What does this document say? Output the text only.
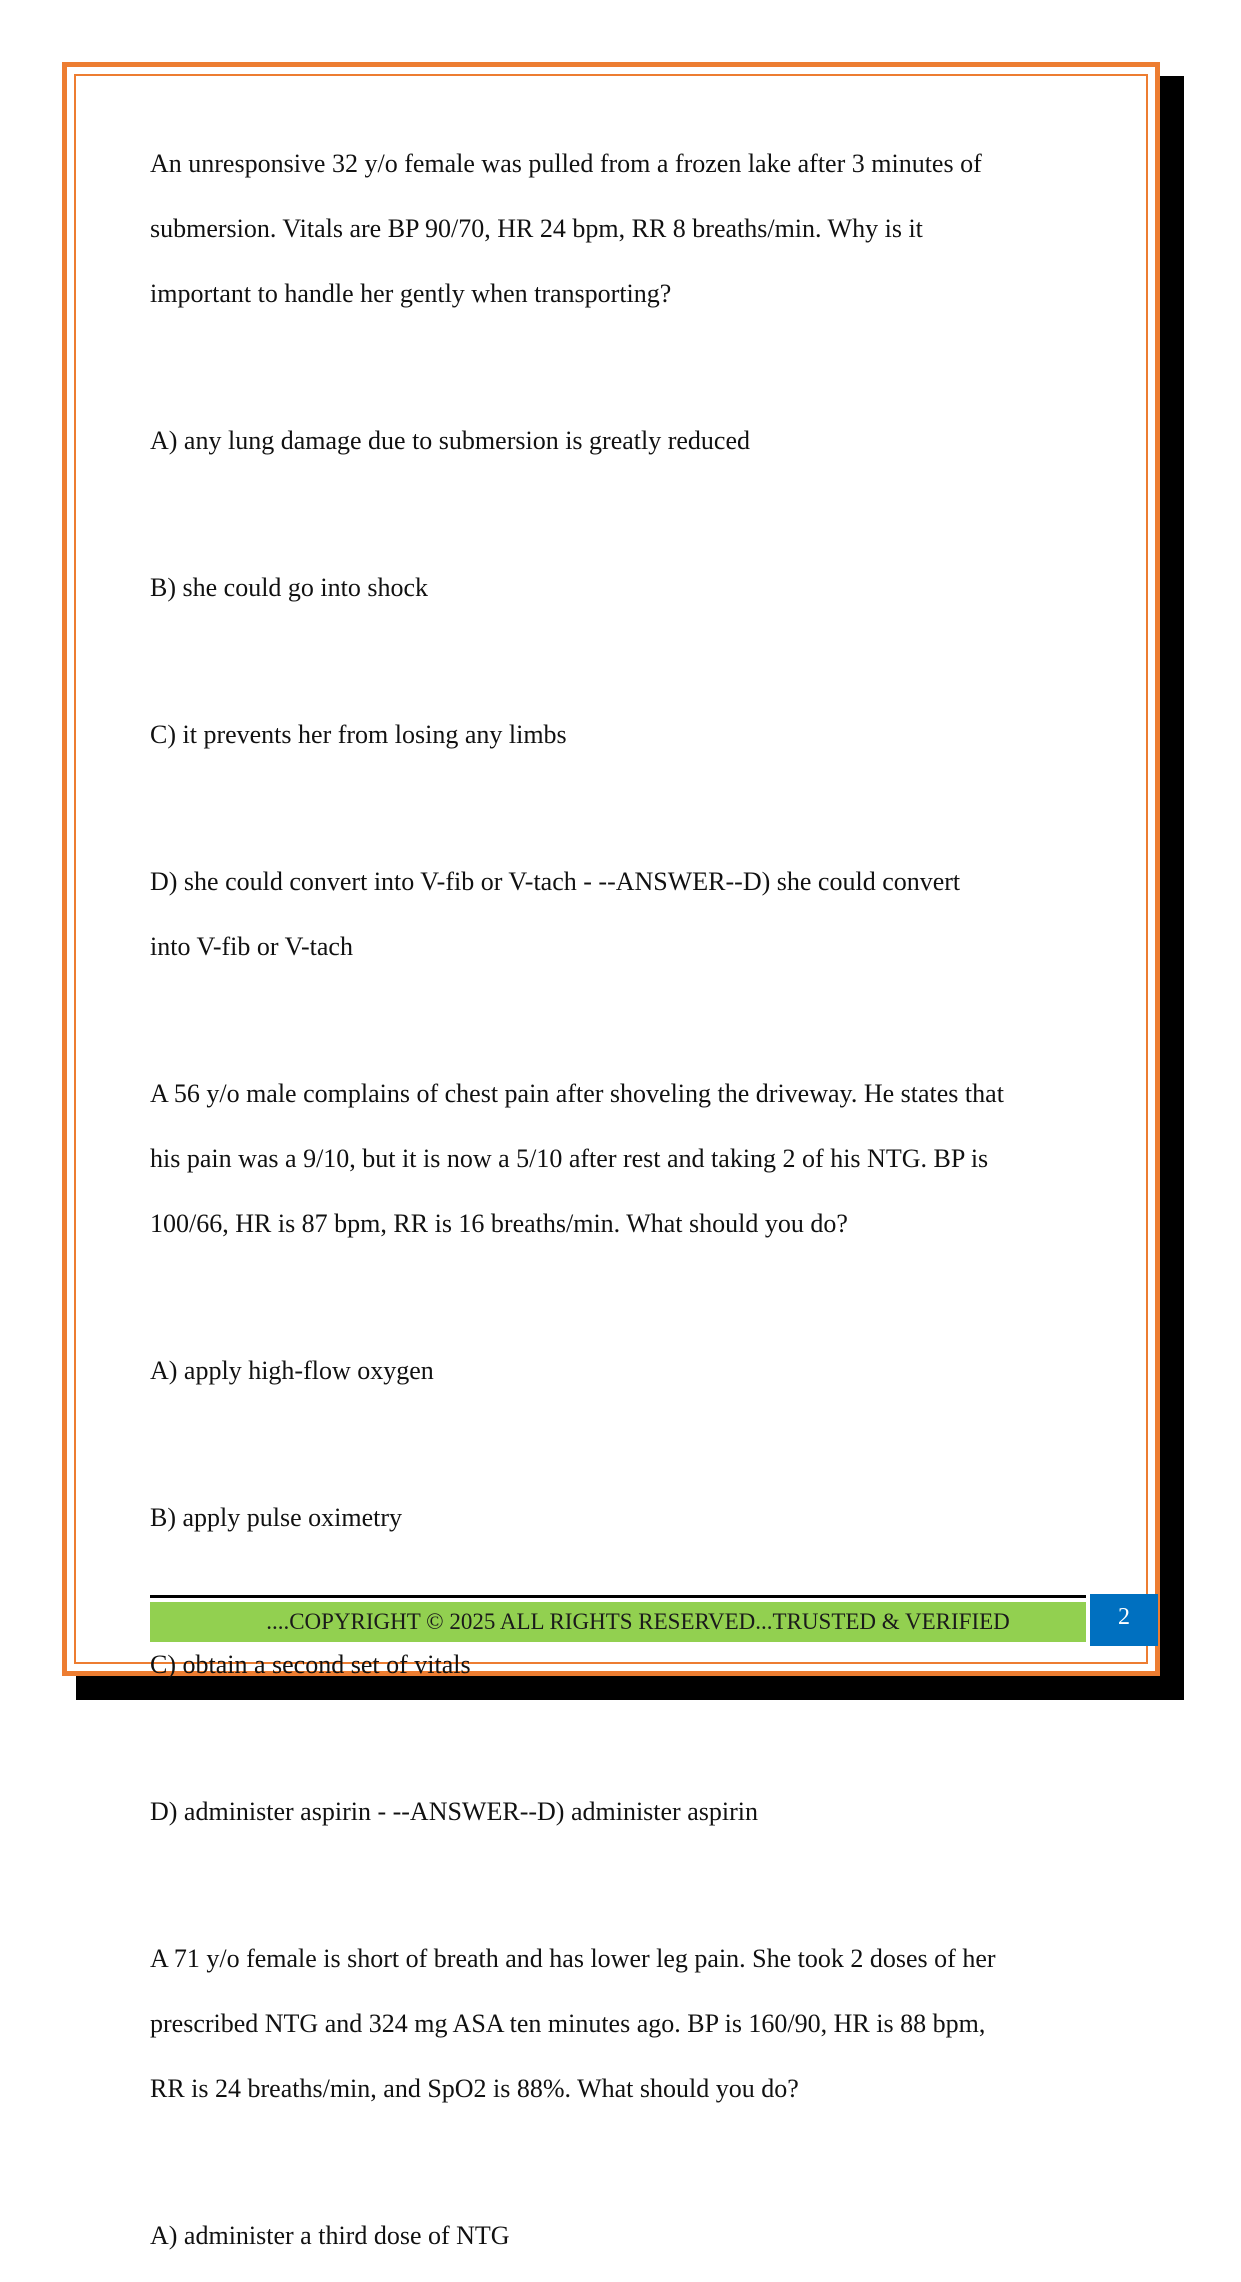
An unresponsive 32 y/o female was pulled from a frozen lake after 3 minutes of
submersion. Vitals are BP 90/70, HR 24 bpm, RR 8 breaths/min. Why is it
important to handle her gently when transporting?
A) any lung damage due to submersion is greatly reduced
B) she could go into shock
C) it prevents her from losing any limbs
D) she could convert into V-fib or V-tach - --ANSWER--D) she could convert
into V-fib or V-tach
A 56 y/o male complains of chest pain after shoveling the driveway. He states that
his pain was a 9/10, but it is now a 5/10 after rest and taking 2 of his NTG. BP is
100/66, HR is 87 bpm, RR is 16 breaths/min. What should you do?
A) apply high-flow oxygen
B) apply pulse oximetry
C) obtain a second set of vitals
D) administer aspirin - --ANSWER--D) administer aspirin
A 71 y/o female is short of breath and has lower leg pain. She took 2 doses of her
prescribed NTG and 324 mg ASA ten minutes ago. BP is 160/90, HR is 88 bpm,
RR is 24 breaths/min, and SpO2 is 88%. What should you do?
A) administer a third dose of NTG
....COPYRIGHT © 2025 ALL RIGHTS RESERVED...TRUSTED & VERIFIED	2
